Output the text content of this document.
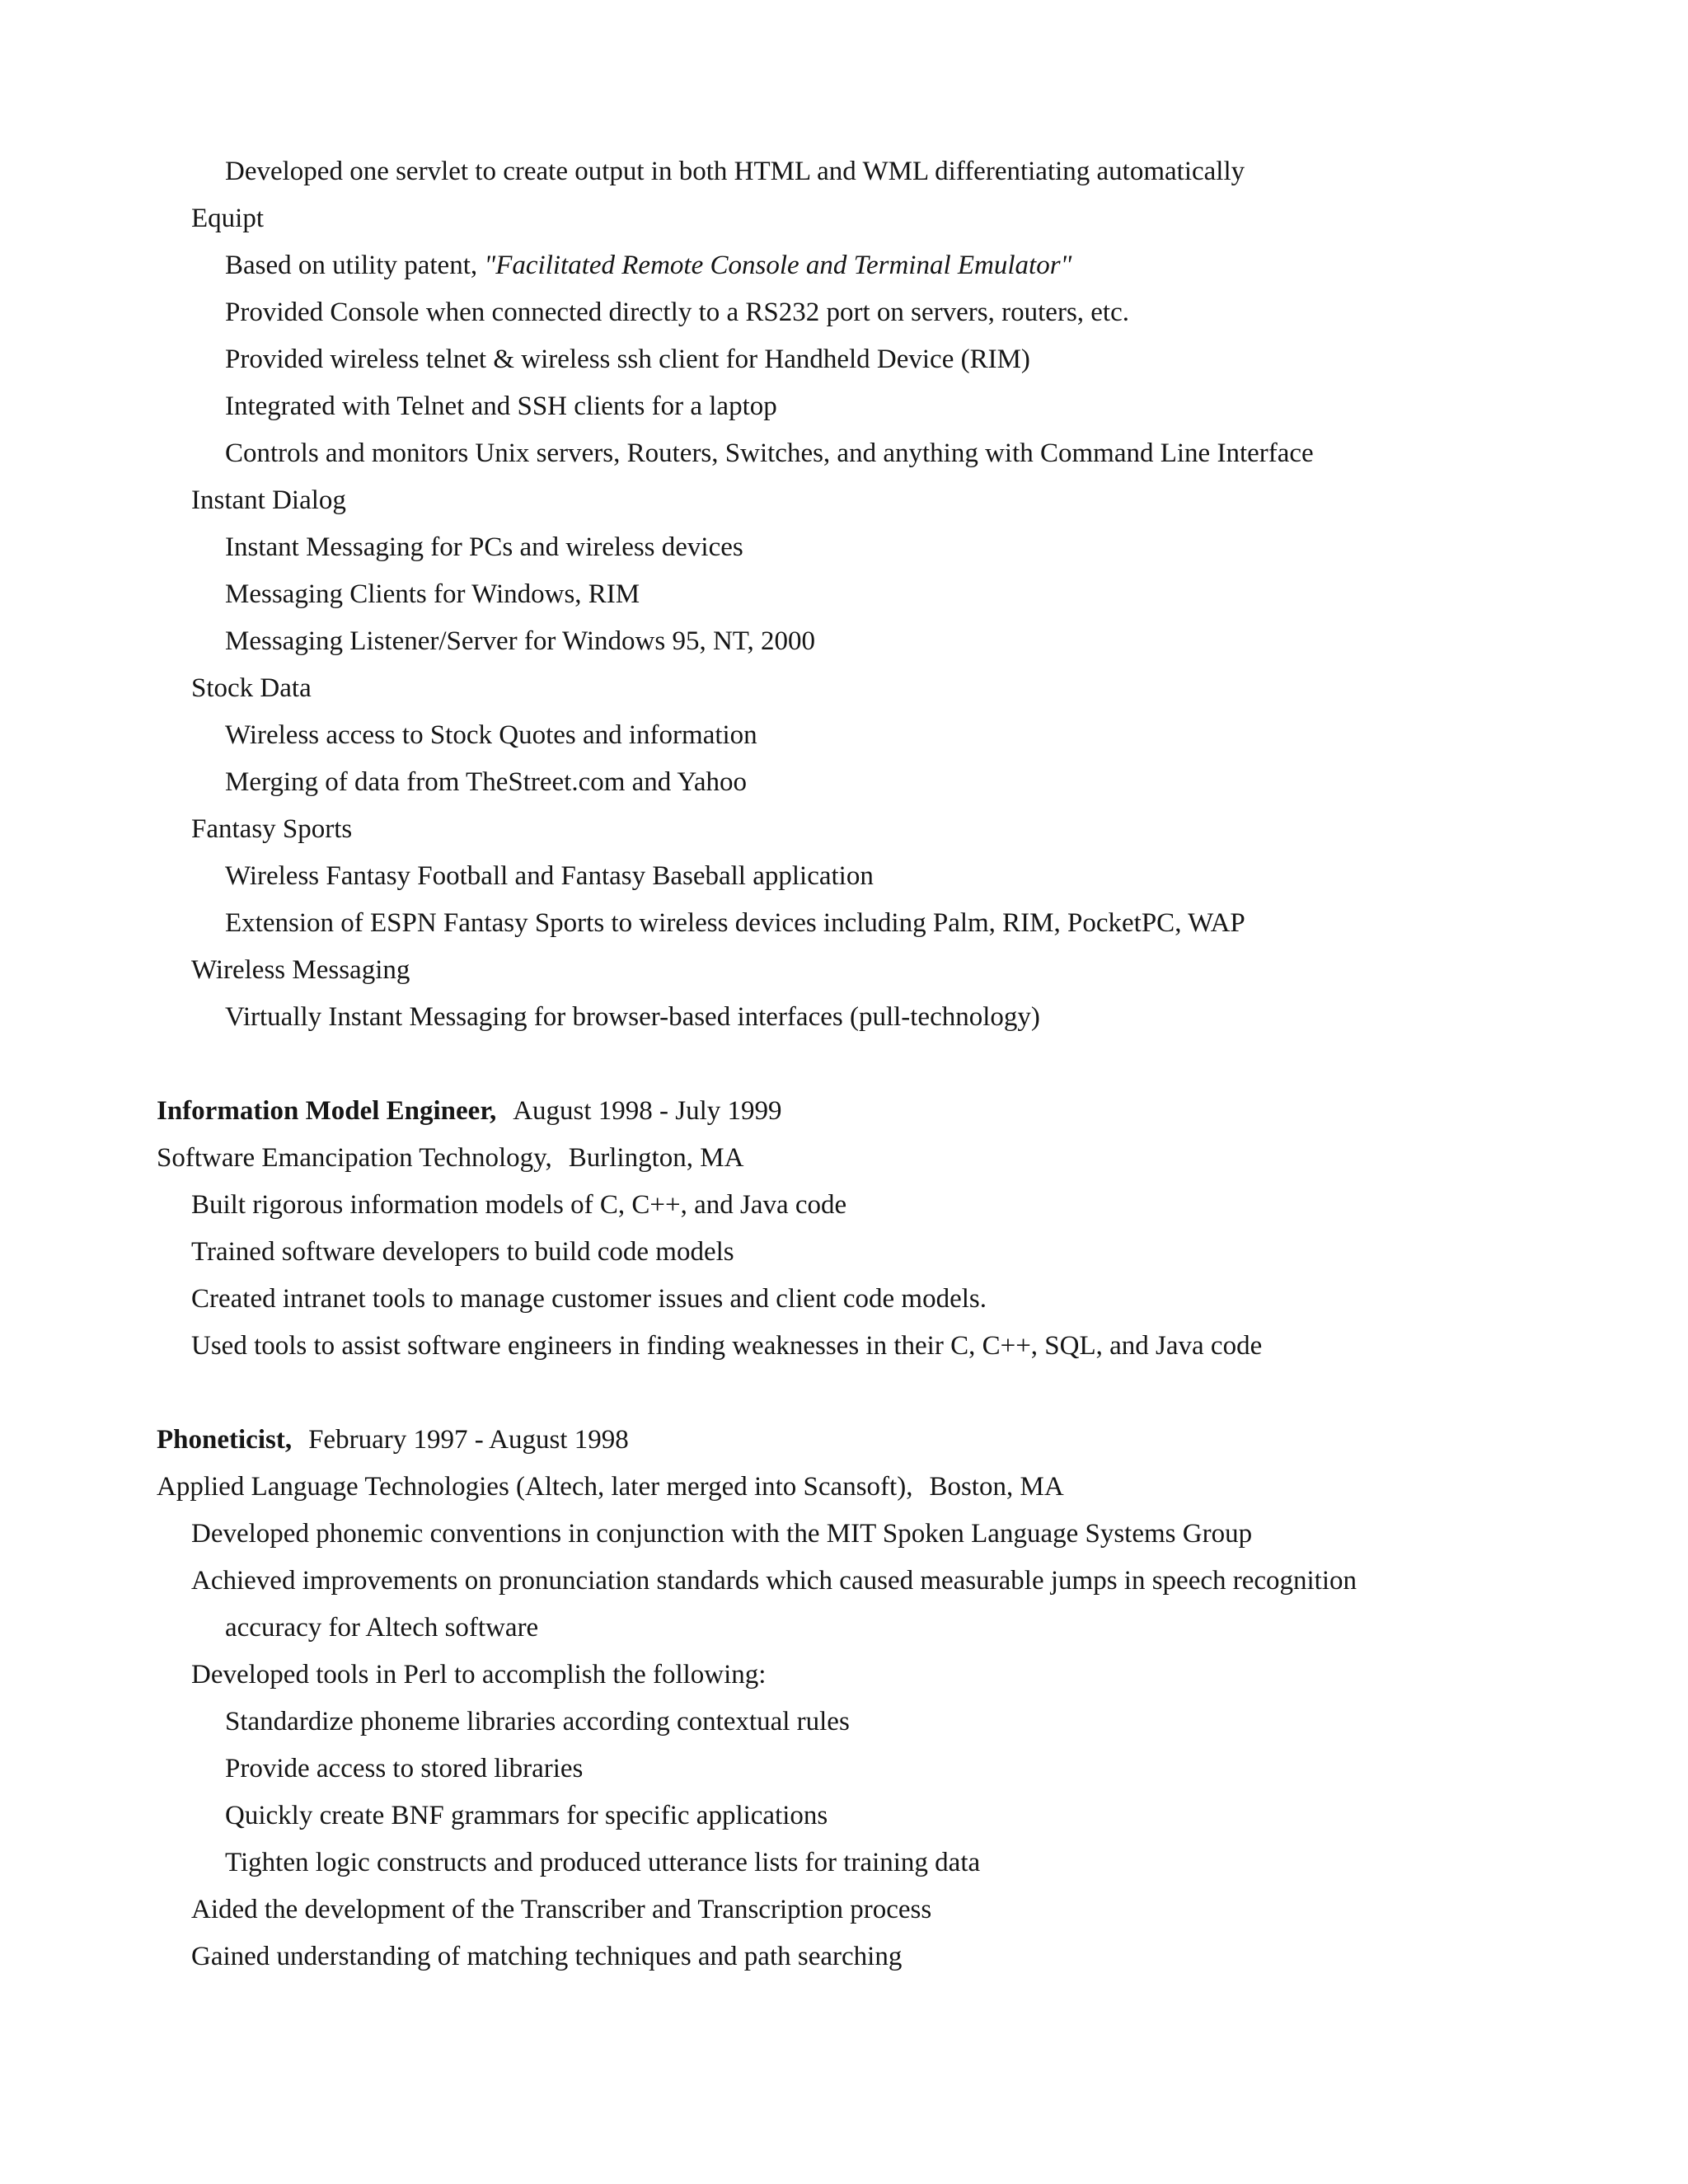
Developed one servlet to create output in both HTML and WML differentiating automatically
Equipt
Based on utility patent, "Facilitated Remote Console and Terminal Emulator"
Provided Console when connected directly to a RS232 port on servers, routers, etc.
Provided wireless telnet & wireless ssh client for Handheld Device (RIM)
Integrated with Telnet and SSH clients for a laptop
Controls and monitors Unix servers, Routers, Switches, and anything with Command Line Interface
Instant Dialog
Instant Messaging for PCs and wireless devices
Messaging Clients for Windows, RIM
Messaging Listener/Server for Windows 95, NT, 2000
Stock Data
Wireless access to Stock Quotes and information
Merging of data from TheStreet.com and Yahoo
Fantasy Sports
Wireless Fantasy Football and Fantasy Baseball application
Extension of ESPN Fantasy Sports to wireless devices including Palm, RIM, PocketPC, WAP
Wireless Messaging
Virtually Instant Messaging for browser-based interfaces (pull-technology)
Information Model Engineer, August 1998 - July 1999
Software Emancipation Technology, Burlington, MA
Built rigorous information models of C, C++, and Java code
Trained software developers to build code models
Created intranet tools to manage customer issues and client code models.
Used tools to assist software engineers in finding weaknesses in their C, C++, SQL, and Java code
Phoneticist, February 1997 - August 1998
Applied Language Technologies (Altech, later merged into Scansoft), Boston, MA
Developed phonemic conventions in conjunction with the MIT Spoken Language Systems Group
Achieved improvements on pronunciation standards which caused measurable jumps in speech recognition
accuracy for Altech software
Developed tools in Perl to accomplish the following:
Standardize phoneme libraries according contextual rules
Provide access to stored libraries
Quickly create BNF grammars for specific applications
Tighten logic constructs and produced utterance lists for training data
Aided the development of the Transcriber and Transcription process
Gained understanding of matching techniques and path searching
